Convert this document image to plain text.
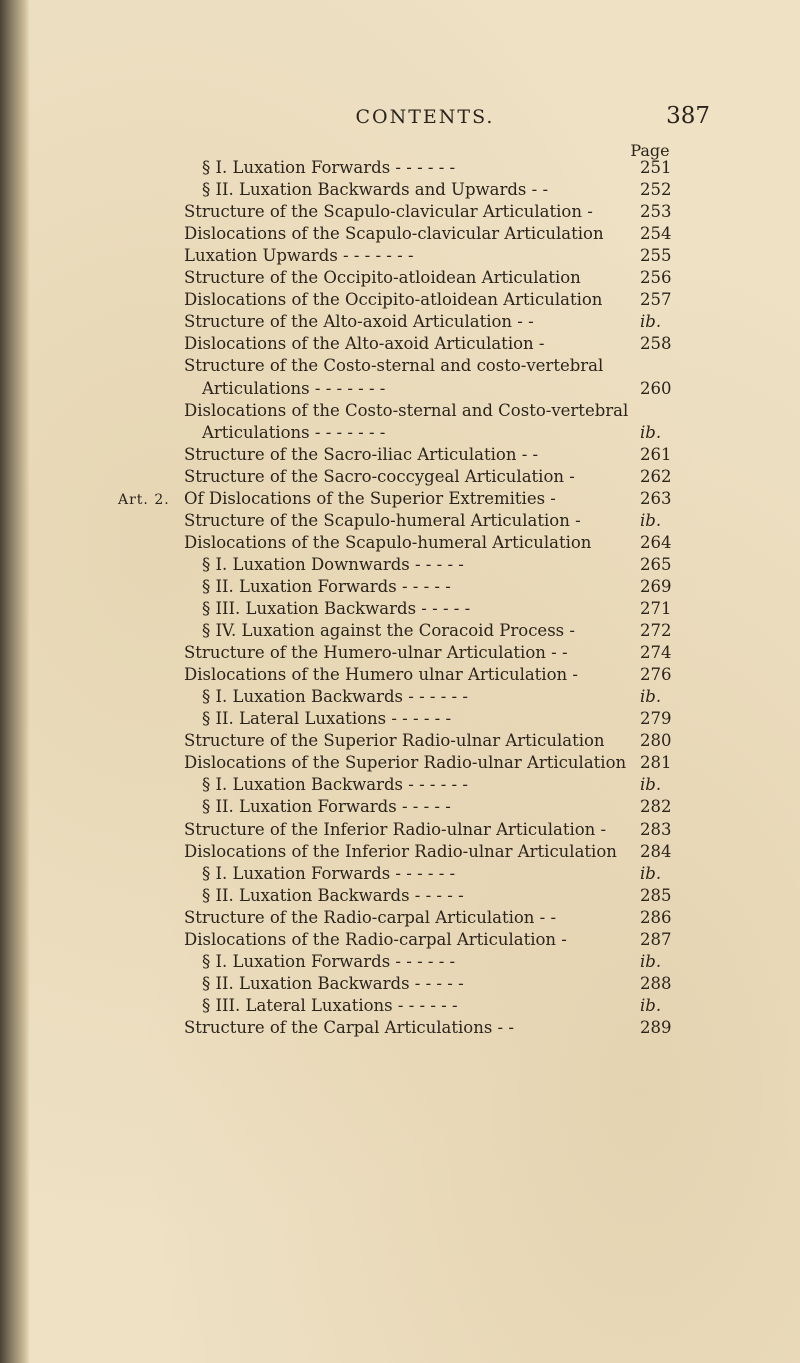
CONTENTS.	387
Page
§ I. Luxation Forwards - - - - - -	251
§ II. Luxation Backwards and Upwards - -	252
Structure of the Scapulo-clavicular Articulation -	253
Dislocations of the Scapulo-clavicular Articulation 254
Luxation Upwards - - - - - - -	255
Structure of the Occipito-atloidean Articulation	256
Dislocations of the Occipito-atloidean Articulation 257
Structure of the Alto-axoid Articulation - -	ib.
Dislocations of the Alto-axoid Articulation -	258
Structure of the Costo-sternal and costo-vertebral
Articulations - - - - - - -	260
Dislocations of the Costo-sternal and Costo-vertebral
Articulations - - - - - - -	ib.
Structure of the Sacro-iliac Articulation - -	261
Structure of the Sacro-coccygeal Articulation -	262
Art. 2. Of Dislocations of the Superior Extremities -	263
Structure of the Scapulo-humeral Articulation -	ib.
Dislocations of the Scapulo-humeral Articulation	264
§ I. Luxation Downwards - - - - -	265
§ II. Luxation Forwards - - - - -	269
§ III. Luxation Backwards - - - - -	271
§ IV. Luxation against the Coracoid Process -	272
Structure of the Humero-ulnar Articulation - -	274
Dislocations of the Humero ulnar Articulation -	276
§ I. Luxation Backwards - - - - - -	ib.
§ II. Lateral Luxations - - - - - -	279
Structure of the Superior Radio-ulnar Articulation 280
Dislocations of the Superior Radio-ulnar Articulation 281
§ I. Luxation Backwards - - - - - -	ib.
§ II. Luxation Forwards - - - - -	282
Structure of the Inferior Radio-ulnar Articulation - 283
Dislocations of the Inferior Radio-ulnar Articulation 284
§ I. Luxation Forwards - - - - - -	ib.
§ II. Luxation Backwards - - - - -	285
Structure of the Radio-carpal Articulation - -	286
Dislocations of the Radio-carpal Articulation -	287
§ I. Luxation Forwards - - - - - -	ib.
§ II. Luxation Backwards - - - - -	288
§ III. Lateral Luxations - - - - - -	ib.
Structure of the Carpal Articulations - -	289
